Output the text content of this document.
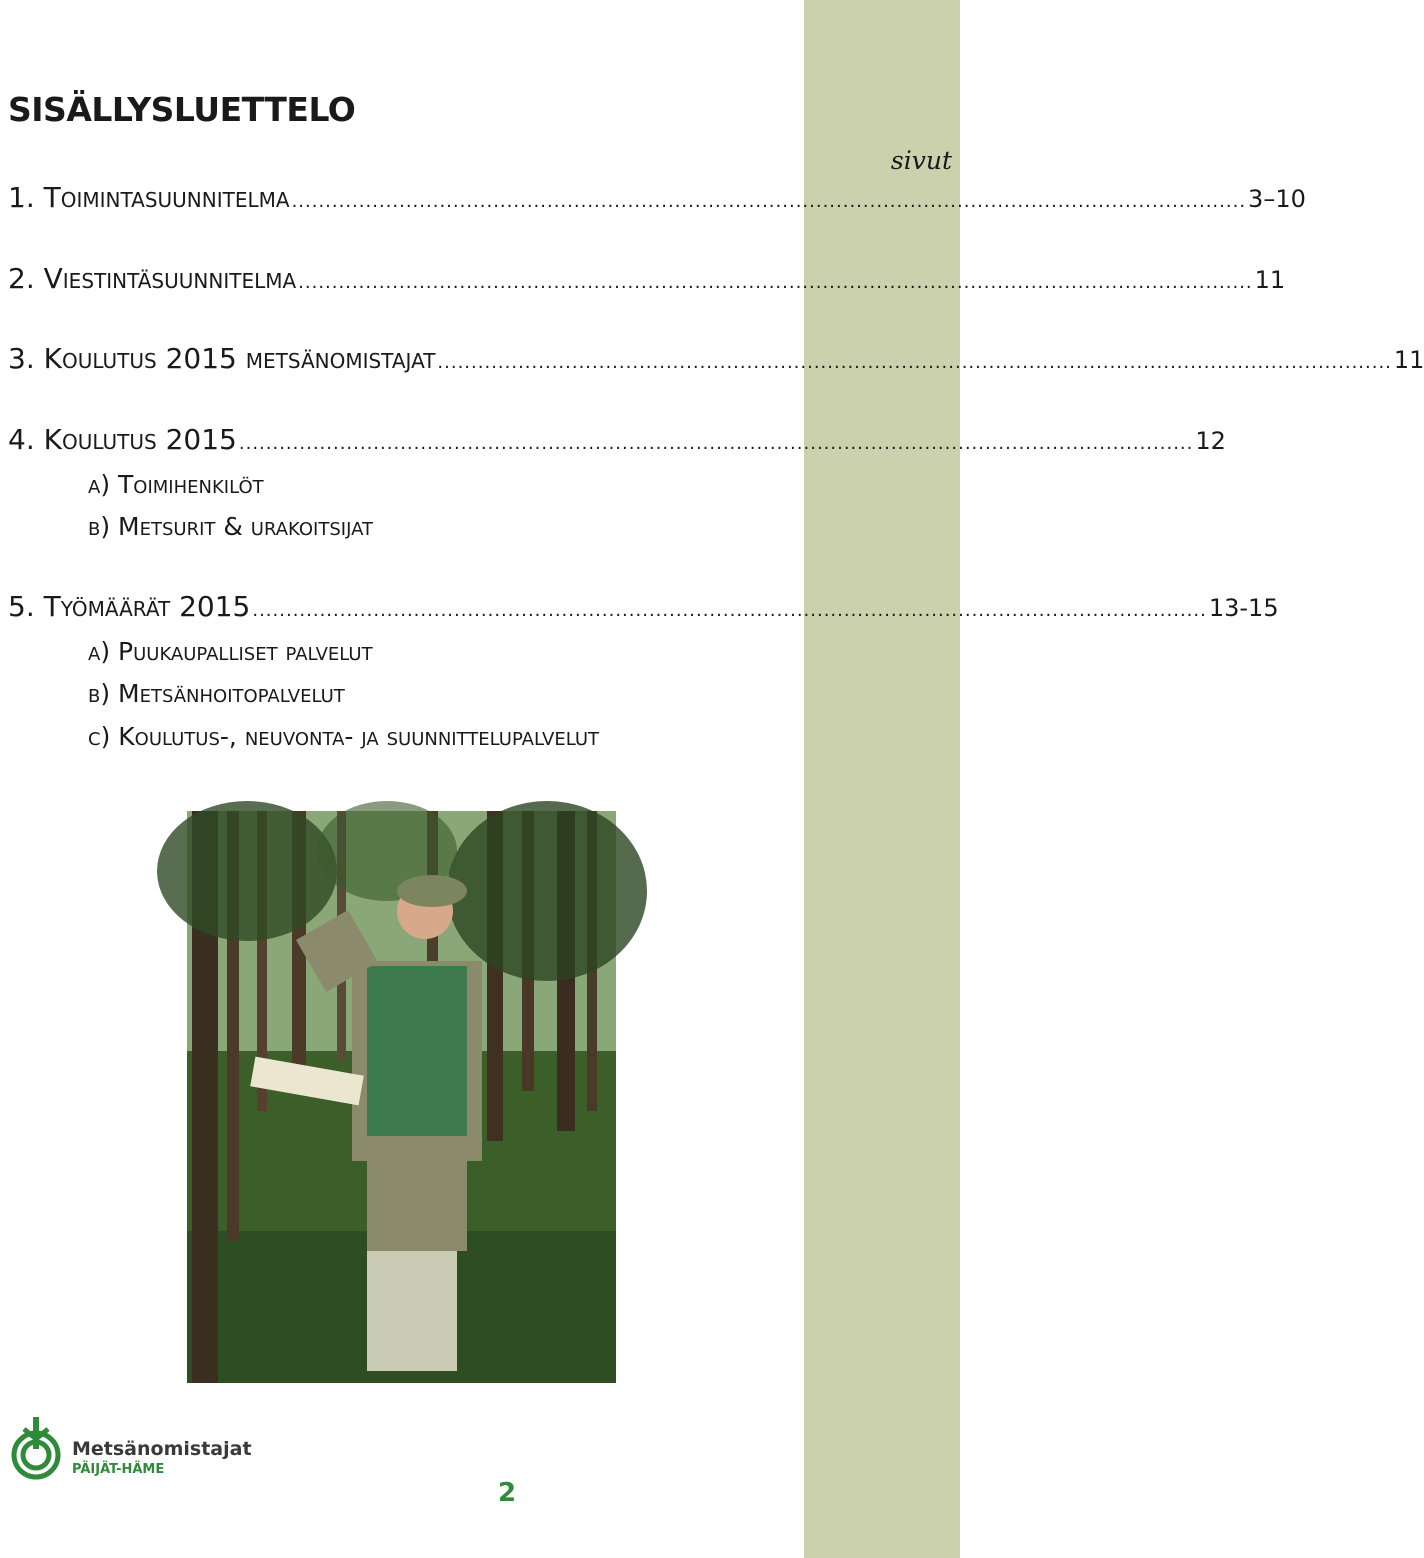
SISÄLLYSLUETTELO
sivut
1. Toimintasuunnitelma .............................................................................................................................................. 3–10
2. Viestintäsuunnitelma .............................................................................................................................................. 11
3. Koulutus 2015 metsänomistajat .............................................................................................................................................. 11
4. Koulutus 2015 .............................................................................................................................................. 12
a) Toimihenkilöt
b) Metsurit & urakoitsijat
5. Työmäärät 2015 .............................................................................................................................................. 13-15
a) Puukaupalliset palvelut
b) Metsänhoitopalvelut
c) Koulutus-, neuvonta- ja suunnittelupalvelut
Metsänomistajat
PÄIJÄT-HÄME
2
